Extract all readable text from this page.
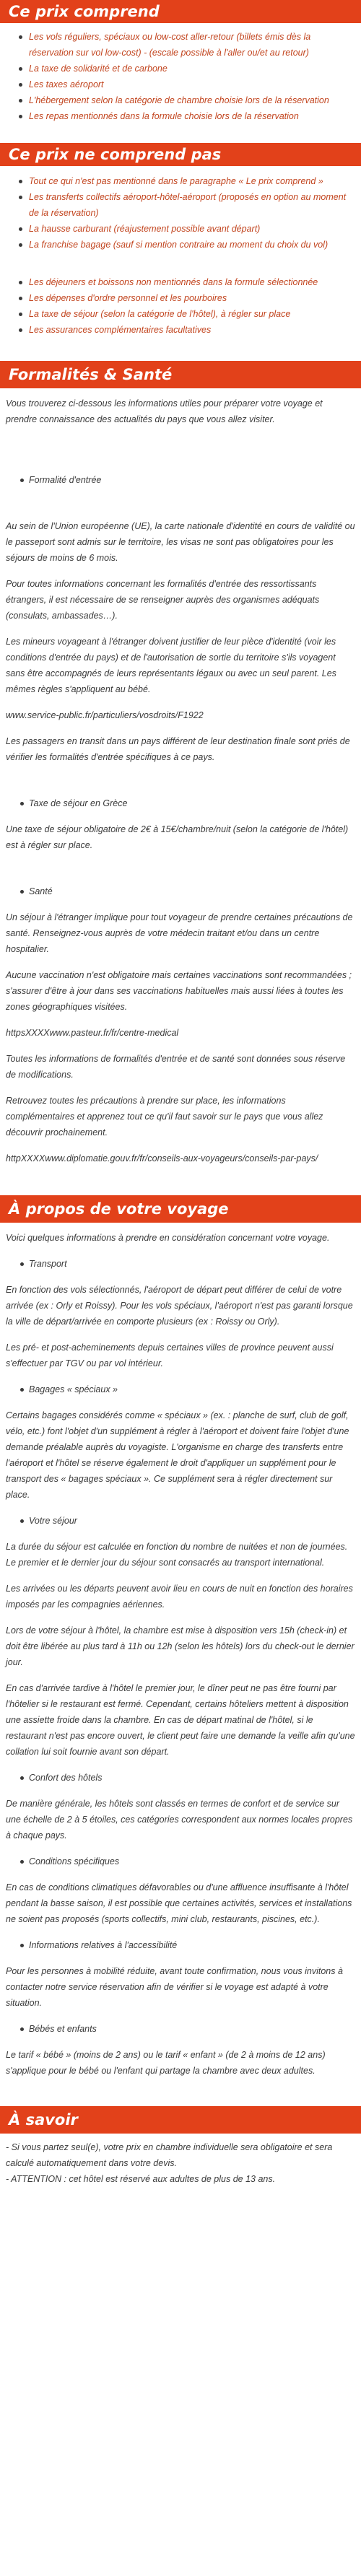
Ce prix comprend
Les vols réguliers, spéciaux ou low-cost aller-retour (billets émis dès la réservation sur vol low-cost) - (escale possible à l'aller ou/et au retour)
La taxe de solidarité et de carbone
Les taxes aéroport
L'hébergement selon la catégorie de chambre choisie lors de la réservation
Les repas mentionnés dans la formule choisie lors de la réservation
Ce prix ne comprend pas
Tout ce qui n'est pas mentionné dans le paragraphe « Le prix comprend »
Les transferts collectifs aéroport-hôtel-aéroport (proposés en option au moment de la réservation)
La hausse carburant (réajustement possible avant départ)
La franchise bagage (sauf si mention contraire au moment du choix du vol)
Les déjeuners et boissons non mentionnés dans la formule sélectionnée
Les dépenses d'ordre personnel et les pourboires
La taxe de séjour (selon la catégorie de l'hôtel), à régler sur place
Les assurances complémentaires facultatives
Formalités & Santé

Vous trouverez ci-dessous les informations utiles pour préparer votre voyage et prendre connaissance des actualités du pays que vous allez visiter.

Formalité d'entrée

Au sein de l'Union européenne (UE), la carte nationale d'identité en cours de validité ou le passeport sont admis sur le territoire, les visas ne sont pas obligatoires pour les séjours de moins de 6 mois.

Pour toutes informations concernant les formalités d'entrée des ressortissants étrangers, il est nécessaire de se renseigner auprès des organismes adéquats (consulats, ambassades…).

Les mineurs voyageant à l'étranger doivent justifier de leur pièce d'identité (voir les conditions d'entrée du pays) et de l'autorisation de sortie du territoire s'ils voyagent sans être accompagnés de leurs représentants légaux ou avec un seul parent. Les mêmes règles s'appliquent au bébé.

www.service-public.fr/particuliers/vosdroits/F1922

Les passagers en transit dans un pays différent de leur destination finale sont priés de vérifier les formalités d'entrée spécifiques à ce pays.

Taxe de séjour en Grèce

Une taxe de séjour obligatoire de 2€ à 15€/chambre/nuit (selon la catégorie de l'hôtel) est à régler sur place.

Santé

Un séjour à l'étranger implique pour tout voyageur de prendre certaines précautions de santé. Renseignez-vous auprès de votre médecin traitant et/ou dans un centre hospitalier.

Aucune vaccination n'est obligatoire mais certaines vaccinations sont recommandées ; s'assurer d'être à jour dans ses vaccinations habituelles mais aussi liées à toutes les zones géographiques visitées.

httpsXXXXwww.pasteur.fr/fr/centre-medical

Toutes les informations de formalités d'entrée et de santé sont données sous réserve de modifications.

Retrouvez toutes les précautions à prendre sur place, les informations complémentaires et apprenez tout ce qu'il faut savoir sur le pays que vous allez découvrir prochainement.

httpXXXXwww.diplomatie.gouv.fr/fr/conseils-aux-voyageurs/conseils-par-pays/

À propos de votre voyage

Voici quelques informations à prendre en considération concernant votre voyage.

Transport

En fonction des vols sélectionnés, l'aéroport de départ peut différer de celui de votre arrivée (ex : Orly et Roissy). Pour les vols spéciaux, l'aéroport n'est pas garanti lorsque la ville de départ/arrivée en comporte plusieurs (ex : Roissy ou Orly).

Les pré- et post-acheminements depuis certaines villes de province peuvent aussi s'effectuer par TGV ou par vol intérieur.

Bagages « spéciaux »

Certains bagages considérés comme « spéciaux » (ex. : planche de surf, club de golf, vélo, etc.) font l'objet d'un supplément à régler à l'aéroport et doivent faire l'objet d'une demande préalable auprès du voyagiste. L'organisme en charge des transferts entre l'aéroport et l'hôtel se réserve également le droit d'appliquer un supplément pour le transport des « bagages spéciaux ». Ce supplément sera à régler directement sur place.

Votre séjour

La durée du séjour est calculée en fonction du nombre de nuitées et non de journées. Le premier et le dernier jour du séjour sont consacrés au transport international.

Les arrivées ou les départs peuvent avoir lieu en cours de nuit en fonction des horaires imposés par les compagnies aériennes.

Lors de votre séjour à l'hôtel, la chambre est mise à disposition vers 15h (check-in) et doit être libérée au plus tard à 11h ou 12h (selon les hôtels) lors du check-out le dernier jour.

En cas d'arrivée tardive à l'hôtel le premier jour, le dîner peut ne pas être fourni par l'hôtelier si le restaurant est fermé. Cependant, certains hôteliers mettent à disposition une assiette froide dans la chambre. En cas de départ matinal de l'hôtel, si le restaurant n'est pas encore ouvert, le client peut faire une demande la veille afin qu'une collation lui soit fournie avant son départ.

Confort des hôtels

De manière générale, les hôtels sont classés en termes de confort et de service sur une échelle de 2 à 5 étoiles, ces catégories correspondent aux normes locales propres à chaque pays.

Conditions spécifiques

En cas de conditions climatiques défavorables ou d'une affluence insuffisante à l'hôtel pendant la basse saison, il est possible que certaines activités, services et installations ne soient pas proposés (sports collectifs, mini club, restaurants, piscines, etc.).

Informations relatives à l'accessibilité

Pour les personnes à mobilité réduite, avant toute confirmation, nous vous invitons à contacter notre service réservation afin de vérifier si le voyage est adapté à votre situation.

Bébés et enfants

Le tarif « bébé » (moins de 2 ans) ou le tarif « enfant » (de 2 à moins de 12 ans) s'applique pour le bébé ou l'enfant qui partage la chambre avec deux adultes.

À savoir

- Si vous partez seul(e), votre prix en chambre individuelle sera obligatoire et sera calculé automatiquement dans votre devis.

- ATTENTION : cet hôtel est réservé aux adultes de plus de 13 ans.
